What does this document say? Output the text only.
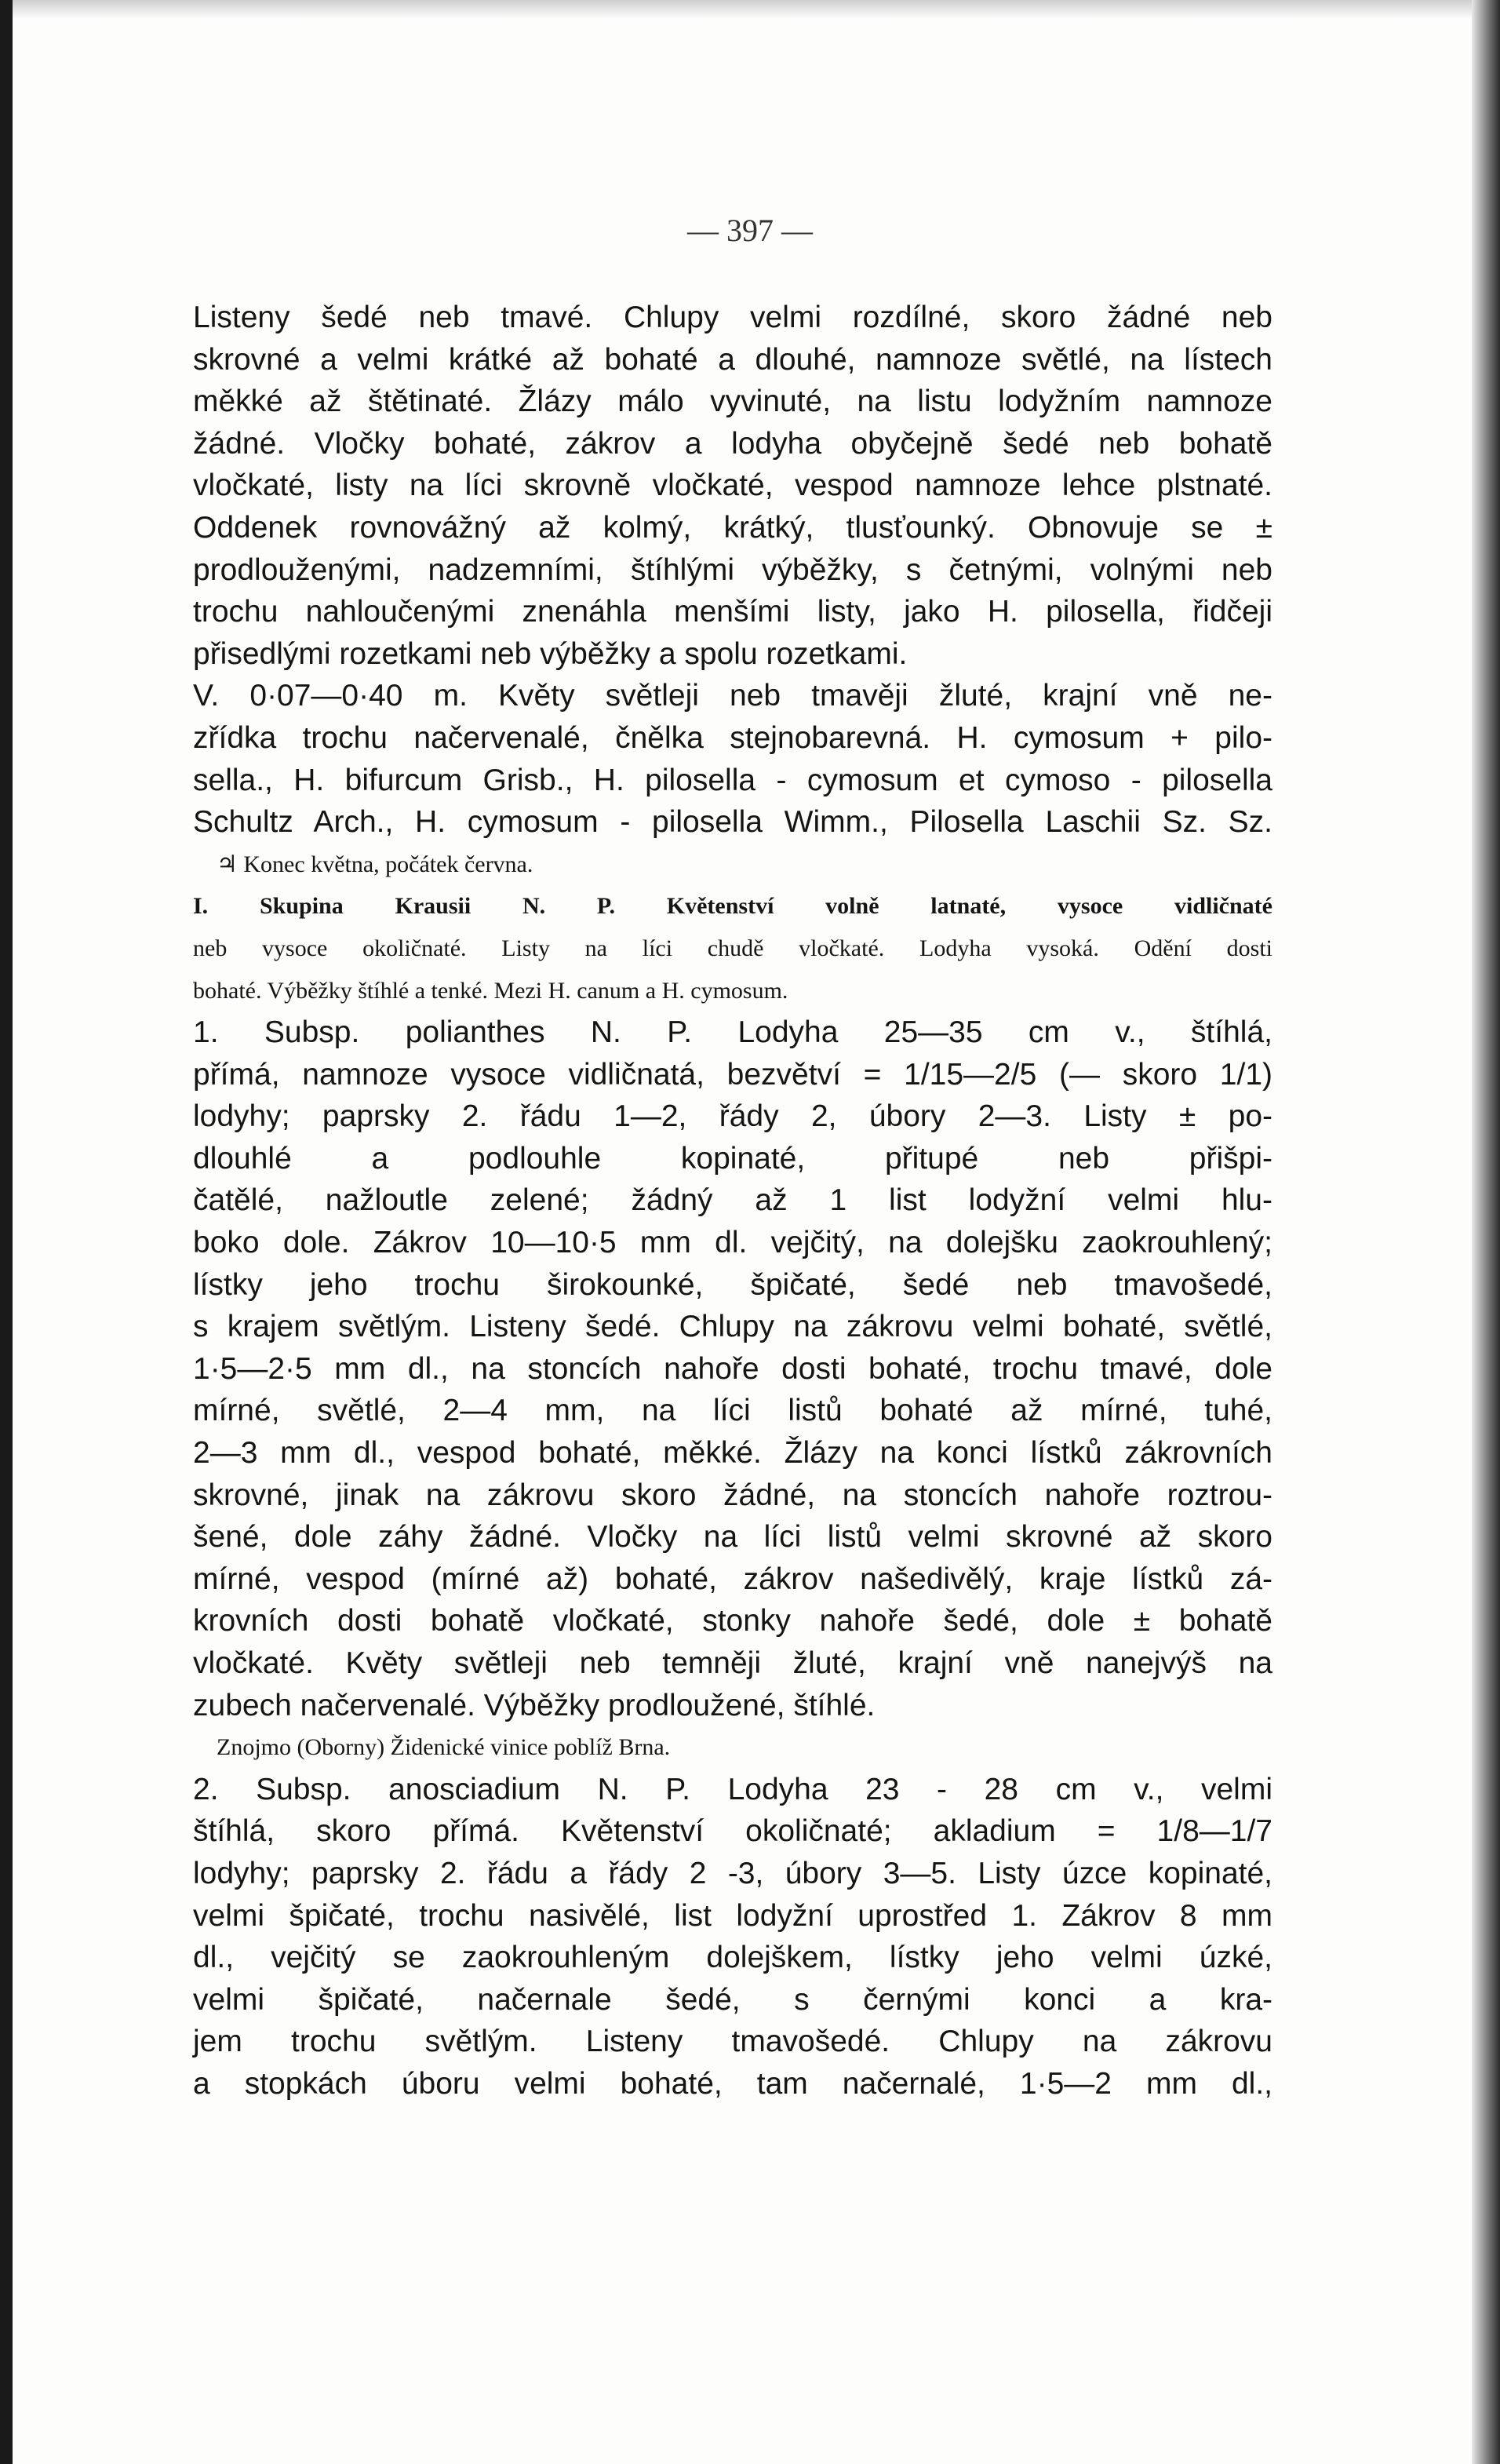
— 397 —
Listeny šedé neb tmavé. Chlupy velmi rozdílné, skoro žádné neb
skrovné a velmi krátké až bohaté a dlouhé, namnoze světlé, na lístech
měkké až štětinaté. Žlázy málo vyvinuté, na listu lodyžním namnoze
žádné. Vločky bohaté, zákrov a lodyha obyčejně šedé neb bohatě
vločkaté, listy na líci skrovně vločkaté, vespod namnoze lehce plstnaté.
Oddenek rovnovážný až kolmý, krátký, tlusťounký. Obnovuje se ±
prodlouženými, nadzemními, štíhlými výběžky, s četnými, volnými neb
trochu nahloučenými znenáhla menšími listy, jako H. pilosella, řidčeji
přisedlými rozetkami neb výběžky a spolu rozetkami.
V. 0·07—0·40 m. Květy světleji neb tmavěji žluté, krajní vně ne-
zřídka trochu načervenalé, čnělka stejnobarevná. H. cymosum + pilo-
sella., H. bifurcum Grisb., H. pilosella - cymosum et cymoso - pilosella
Schultz Arch., H. cymosum - pilosella Wimm., Pilosella Laschii Sz. Sz.
♃ Konec května, počátek června.
I. Skupina Krausii N. P. Květenství volně latnaté, vysoce vidličnaté
neb vysoce okoličnaté. Listy na líci chudě vločkaté. Lodyha vysoká. Odění dosti
bohaté. Výběžky štíhlé a tenké. Mezi H. canum a H. cymosum.
1. Subsp. polianthes N. P. Lodyha 25—35 cm v., štíhlá,
přímá, namnoze vysoce vidličnatá, bezvětví = 1/15—2/5 (— skoro 1/1)
lodyhy; paprsky 2. řádu 1—2, řády 2, úbory 2—3. Listy ± po-
dlouhlé a podlouhle kopinaté, přitupé neb přišpi-
čatělé, nažloutle zelené; žádný až 1 list lodyžní velmi hlu-
boko dole. Zákrov 10—10·5 mm dl. vejčitý, na dolejšku zaokrouhlený;
lístky jeho trochu širokounké, špičaté, šedé neb tmavošedé,
s krajem světlým. Listeny šedé. Chlupy na zákrovu velmi bohaté, světlé,
1·5—2·5 mm dl., na stoncích nahoře dosti bohaté, trochu tmavé, dole
mírné, světlé, 2—4 mm, na líci listů bohaté až mírné, tuhé,
2—3 mm dl., vespod bohaté, měkké. Žlázy na konci lístků zákrovních
skrovné, jinak na zákrovu skoro žádné, na stoncích nahoře roztrou-
šené, dole záhy žádné. Vločky na líci listů velmi skrovné až skoro
mírné, vespod (mírné až) bohaté, zákrov našedivělý, kraje lístků zá-
krovních dosti bohatě vločkaté, stonky nahoře šedé, dole ± bohatě
vločkaté. Květy světleji neb temněji žluté, krajní vně nanejvýš na
zubech načervenalé. Výběžky prodloužené, štíhlé.
Znojmo (Oborny) Židenické vinice poblíž Brna.
2. Subsp. anosciadium N. P. Lodyha 23 - 28 cm v., velmi
štíhlá, skoro přímá. Květenství okoličnaté; akladium = 1/8—1/7
lodyhy; paprsky 2. řádu a řády 2 -3, úbory 3—5. Listy úzce kopinaté,
velmi špičaté, trochu nasivělé, list lodyžní uprostřed 1. Zákrov 8 mm
dl., vejčitý se zaokrouhleným dolejškem, lístky jeho velmi úzké,
velmi špičaté, načernale šedé, s černými konci a kra-
jem trochu světlým. Listeny tmavošedé. Chlupy na zákrovu
a stopkách úboru velmi bohaté, tam načernalé, 1·5—2 mm dl.,
